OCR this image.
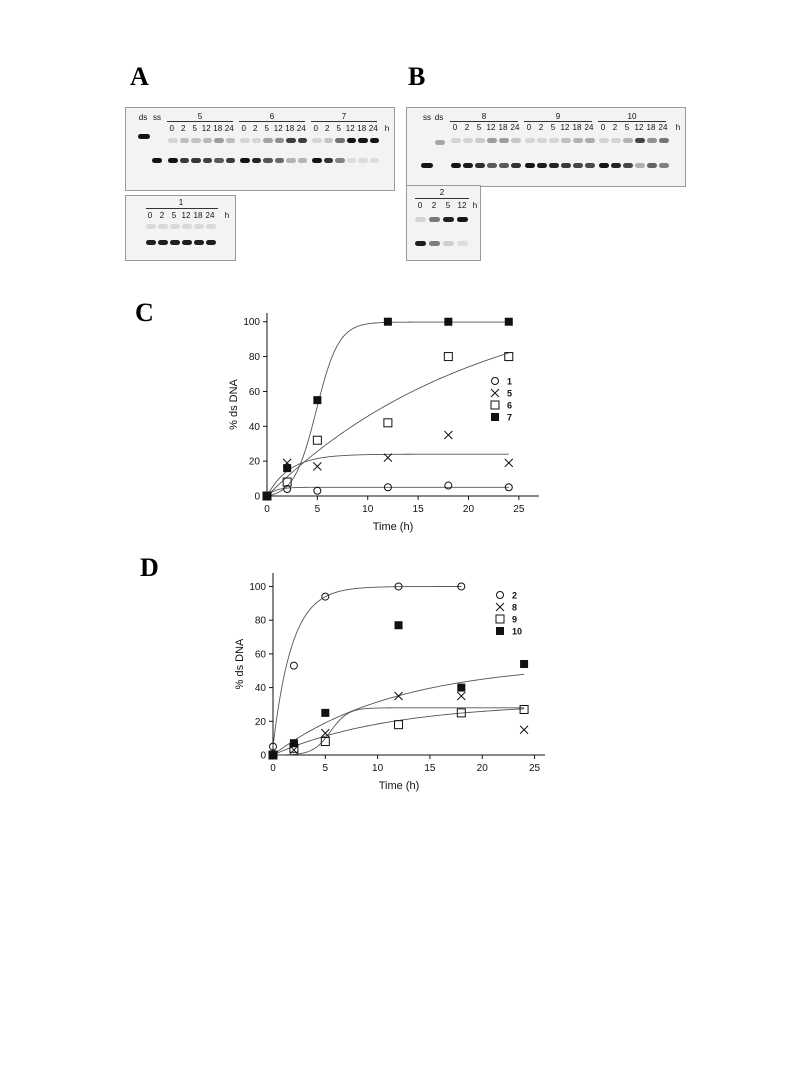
A	B
C
D
ds ss
h
5
0 2 5 12 18 24
6
0 2 5 12 18 24
7
0 2 5 12 18 24
1
h
0 2 5 12 18 24
ss ds
h
8
0 2 5 12 18 24
9
0 2 5 12 18 24
10
0 2 5 12 18 24
2
h
0	2	5 12
0	5	10	15	20	25
0
20
40
60
80
100
Time (h)
% ds DNA	1
5
6
7
0	5	10	15	20	25
0
20
40
60
80
100
Time (h)
% ds DNA
2
8
9
10
